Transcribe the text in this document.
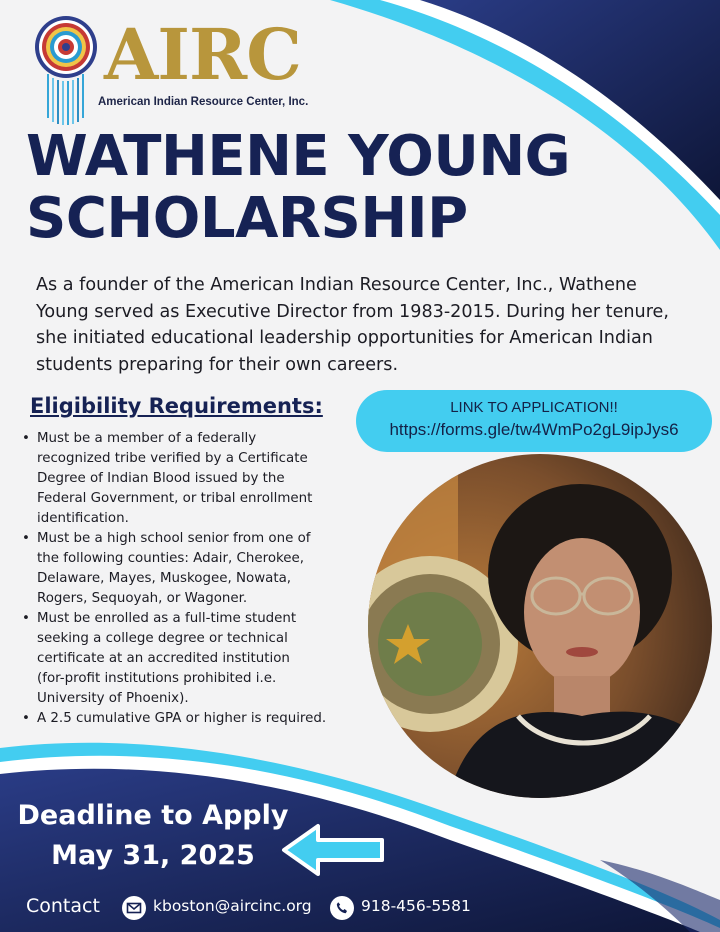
AIRC
American Indian Resource Center, Inc.
WATHENE YOUNG
SCHOLARSHIP

As a founder of the American Indian Resource Center, Inc., Wathene
Young served as Executive Director from 1983-2015. During her tenure,
she initiated educational leadership opportunities for American Indian
students preparing for their own careers.

Eligibility Requirements:
• Must be a member of a federally
recognized tribe verified by a Certificate
Degree of Indian Blood issued by the
Federal Government, or tribal enrollment
identification.
• Must be a high school senior from one of
the following counties: Adair, Cherokee,
Delaware, Mayes, Muskogee, Nowata,
Rogers, Sequoyah, or Wagoner.
• Must be enrolled as a full-time student
seeking a college degree or technical
certificate at an accredited institution
(for-profit institutions prohibited i.e.
University of Phoenix).
• A 2.5 cumulative GPA or higher is required.
LINK TO APPLICATION!!
https://forms.gle/tw4WmPo2gL9ipJys6

Deadline to Apply

May 31, 2025

Contact	kboston@aircinc.org	918-456-5581
